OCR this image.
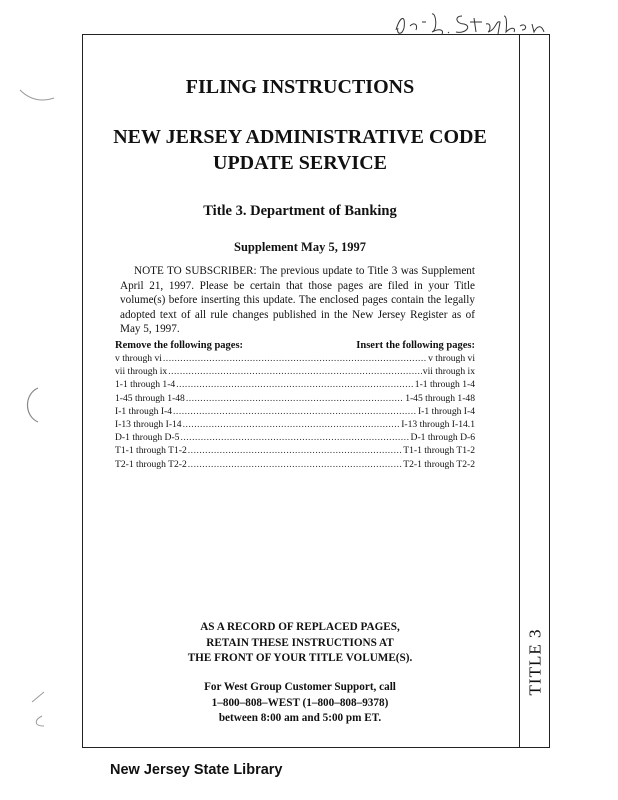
TITLE 3
FILING INSTRUCTIONS
NEW JERSEY ADMINISTRATIVE CODE
UPDATE SERVICE
Title 3. Department of Banking
Supplement May 5, 1997
NOTE TO SUBSCRIBER: The previous update to Title 3 was Supplement April 21, 1997. Please be certain that those pages are filed in your Title volume(s) before inserting this update. The enclosed pages contain the legally adopted text of all rule changes published in the New Jersey Register as of May 5, 1997.
Remove the following pages:	Insert the following pages:
v through vi .....	v through vi
vii through ix .....	vii through ix
1-1 through 1-4 .....	1-1 through 1-4
1-45 through 1-48 .....	1-45 through 1-48
I-1 through I-4 .....	I-1 through I-4
I-13 through I-14 .....	I-13 through I-14.1
D-1 through D-5 .....	D-1 through D-6
T1-1 through T1-2 .....	T1-1 through T1-2
T2-1 through T2-2 .....	T2-1 through T2-2
AS A RECORD OF REPLACED PAGES,
RETAIN THESE INSTRUCTIONS AT
THE FRONT OF YOUR TITLE VOLUME(S).
For West Group Customer Support, call
1–800–808–WEST (1–800–808–9378)
between 8:00 am and 5:00 pm ET.
New Jersey State Library
